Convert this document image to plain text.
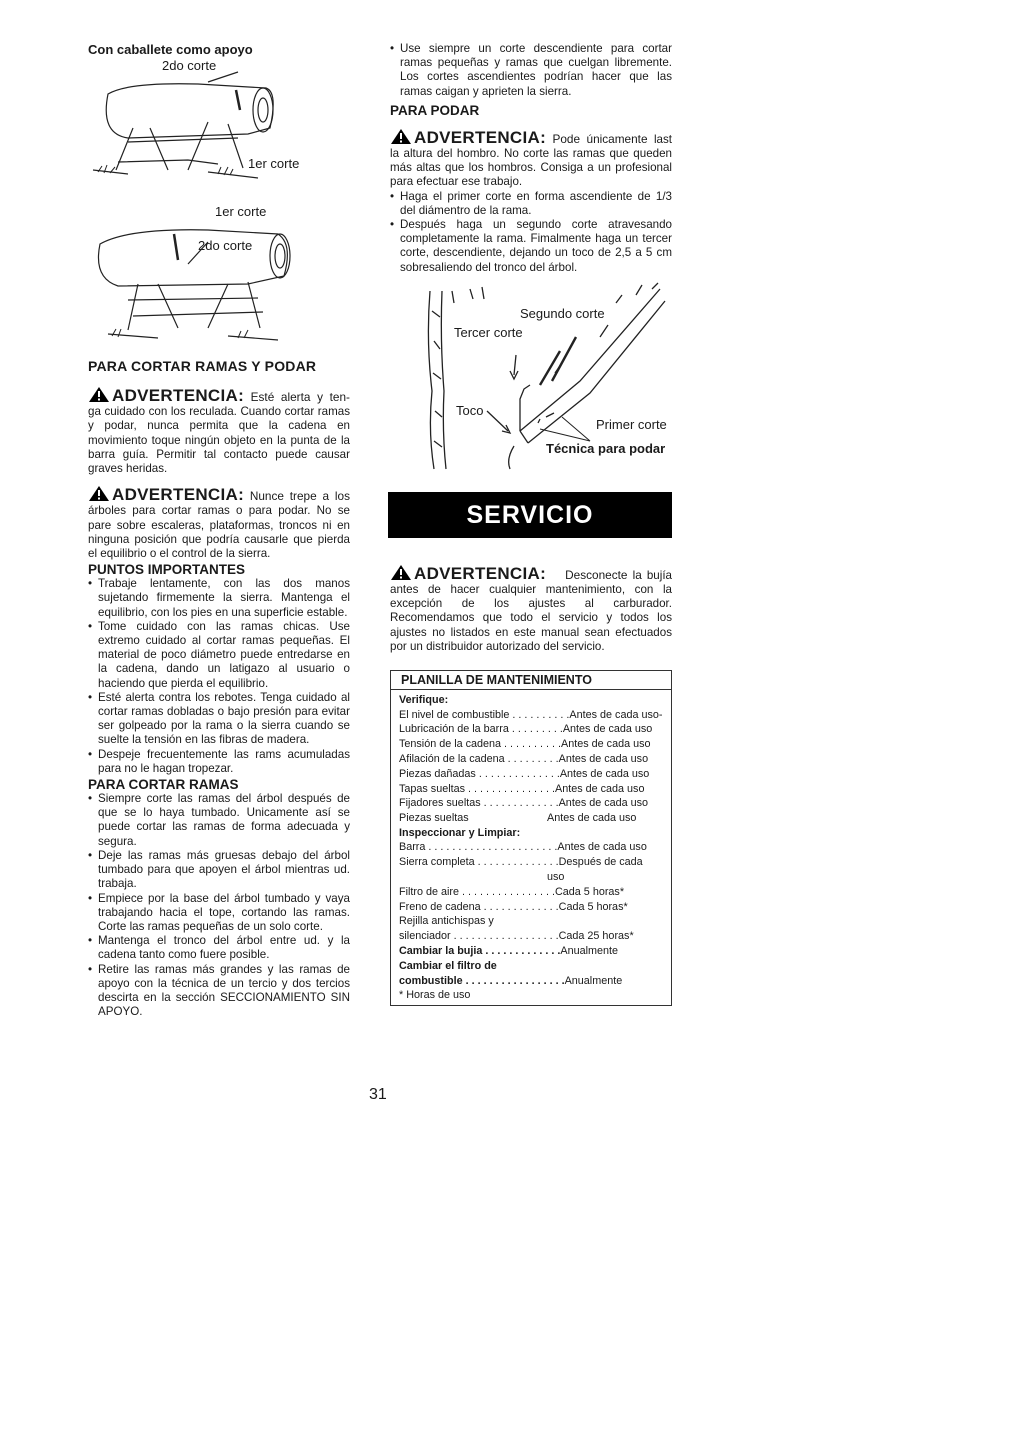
Con caballete como apoyo
2do corte
1er corte
1er corte
2do corte
PARA CORTAR RAMAS Y PODAR

ADVERTENCIA: Esté alerta y ten- ga cuidado con los reculada. Cuando cortar ramas y podar, nunca permita que la cadena en movimiento toque ningún objeto en la punta de la barra guía. Permitir tal contacto puede causar graves heridas.

ADVERTENCIA: Nunce trepe a los árboles para cortar ramas o para podar. No se pare sobre escaleras, plataformas, troncos ni en ninguna posición que podría causarle que pierda el equilibrio o el control de la sierra.

PUNTOS IMPORTANTES
• Trabaje lentamente, con las dos manos sujetando firmemente la sierra. Mantenga el equilibrio, con los pies en una superficie estable.
• Tome cuidado con las ramas chicas. Use extremo cuidado al cortar ramas pequeñas. El material de poco diámetro puede entredarse en la cadena, dando un latigazo al usuario o haciendo que pierda el equilibrio.
• Esté alerta contra los rebotes. Tenga cuidado al cortar ramas dobladas o bajo presión para evitar ser golpeado por la rama o la sierra cuando se suelte la tensión en las fibras de madera.
• Despeje frecuentemente las rams acumuladas para no le hagan tropezar.
PARA CORTAR RAMAS
• Siempre corte las ramas del árbol después de que se lo haya tumbado. Unicamente así se puede cortar las ramas de forma adecuada y segura.
• Deje las ramas más gruesas debajo del árbol tumbado para que apoyen el árbol mientras ud. trabaja.
• Empiece por la base del árbol tumbado y vaya trabajando hacia el tope, cortando las ramas. Corte las ramas pequeñas de un solo corte.
• Mantenga el tronco del árbol entre ud. y la cadena tanto como fuere posible.
• Retire las ramas más grandes y las ramas de apoyo con la técnica de un tercio y dos tercios descirta en la sección SECCIONAMIENTO SIN APOYO.
• Use siempre un corte descendiente para cortar ramas pequeñas y ramas que cuelgan libremente. Los cortes ascendientes podrían hacer que las ramas caigan y aprieten la sierra.
PARA PODAR

ADVERTENCIA: Pode únicamente last la altura del hombro. No corte las ramas que queden más altas que los hombros. Consiga a un profesional para efectuar ese trabajo.

• Haga el primer corte en forma ascendiente de 1/3 del diámentro de la rama.
• Después haga un segundo corte atravesando completamente la rama. Fimalmente haga un tercer corte, descendiente, dejando un toco de 2,5 a 5 cm sobresaliendo del tronco del árbol.
Segundo corte
Tercer corte
Toco
Primer corte
Técnica para podar
SERVICIO

ADVERTENCIA: Desconecte la bujía antes de hacer cualquier mantenimiento, con la excepción de los ajustes al carburador. Recomendamos que todo el servicio y todos los ajustes no listados en este manual sean efectuados por un distribuidor autorizado del servicio.

PLANILLA DE MANTENIMIENTO
Verifique:
El nivel de combustible . . . . . . . . . . Antes de cada uso-
Lubricación de la barra . . . . . . . . . Antes de cada uso
Tensión de la cadena . . . . . . . . . . Antes de cada uso
Afilación de la cadena . . . . . . . . . Antes de cada uso
Piezas dañadas . . . . . . . . . . . . . . Antes de cada uso
Tapas sueltas . . . . . . . . . . . . . . . Antes de cada uso
Fijadores sueltas . . . . . . . . . . . . . Antes de cada uso
Piezas sueltas	Antes de cada uso
Inspeccionar y Limpiar:
Barra . . . . . . . . . . . . . . . . . . . . . . Antes de cada uso
Sierra completa . . . . . . . . . . . . . . Después de cada
uso
Filtro de aire . . . . . . . . . . . . . . . . Cada 5 horas*
Freno de cadena . . . . . . . . . . . . . Cada 5 horas*
Rejilla antichispas y
silenciador . . . . . . . . . . . . . . . . . . Cada 25 horas*
Cambiar la bujia . . . . . . . . . . . . . Anualmente
Cambiar el filtro de
combustible . . . . . . . . . . . . . . . . . Anualmente
* Horas de uso
31
